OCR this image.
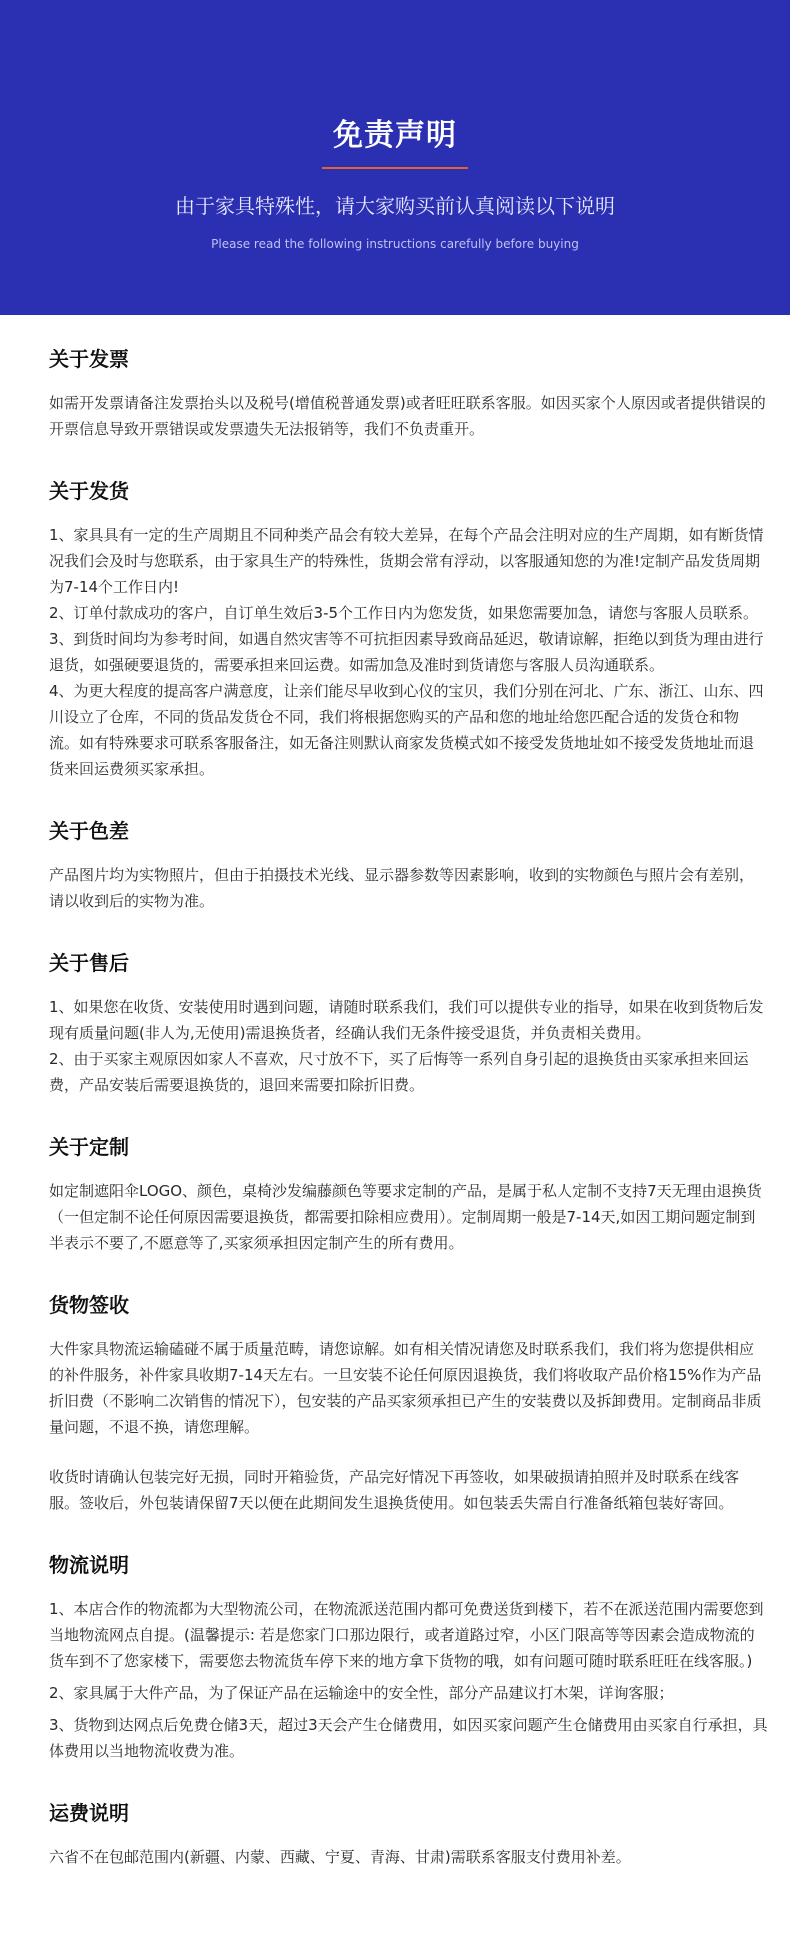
免责声明
由于家具特殊性，请大家购买前认真阅读以下说明
Please read the following instructions carefully before buying
关于发票

如需开发票请备注发票抬头以及税号(增值税普通发票)或者旺旺联系客服。如因买家个人原因或者提供错误的开票信息导致开票错误或发票遗失无法报销等，我们不负责重开。

关于发货

1、家具具有一定的生产周期且不同种类产品会有较大差异，在每个产品会注明对应的生产周期，如有断货情况我们会及时与您联系，由于家具生产的特殊性，货期会常有浮动，以客服通知您的为准!定制产品发货周期为7-14个工作日内!

2、订单付款成功的客户，自订单生效后3-5个工作日内为您发货，如果您需要加急，请您与客服人员联系。

3、到货时间均为参考时间，如遇自然灾害等不可抗拒因素导致商品延迟，敬请谅解，拒绝以到货为理由进行退货，如强硬要退货的，需要承担来回运费。如需加急及准时到货请您与客服人员沟通联系。

4、为更大程度的提高客户满意度，让亲们能尽早收到心仪的宝贝，我们分别在河北、广东、浙江、山东、四川设立了仓库，不同的货品发货仓不同，我们将根据您购买的产品和您的地址给您匹配合适的发货仓和物流。如有特殊要求可联系客服备注，如无备注则默认商家发货模式如不接受发货地址如不接受发货地址而退货来回运费须买家承担。

关于色差

产品图片均为实物照片，但由于拍摄技术光线、显示器参数等因素影响，收到的实物颜色与照片会有差别，请以收到后的实物为准。

关于售后

1、如果您在收货、安装使用时遇到问题，请随时联系我们，我们可以提供专业的指导，如果在收到货物后发现有质量问题(非人为,无使用)需退换货者，经确认我们无条件接受退货，并负责相关费用。

2、由于买家主观原因如家人不喜欢，尺寸放不下，买了后悔等一系列自身引起的退换货由买家承担来回运费，产品安装后需要退换货的，退回来需要扣除折旧费。

关于定制

如定制遮阳伞LOGO、颜色，桌椅沙发编藤颜色等要求定制的产品，是属于私人定制不支持7天无理由退换货（一但定制不论任何原因需要退换货，都需要扣除相应费用）。定制周期一般是7-14天,如因工期问题定制到半表示不要了,不愿意等了,买家须承担因定制产生的所有费用。

货物签收

大件家具物流运输磕碰不属于质量范畴，请您谅解。如有相关情况请您及时联系我们，我们将为您提供相应的补件服务，补件家具收期7-14天左右。一旦安装不论任何原因退换货，我们将收取产品价格15%作为产品折旧费（不影响二次销售的情况下），包安装的产品买家须承担已产生的安装费以及拆卸费用。定制商品非质量问题，不退不换，请您理解。

收货时请确认包装完好无损，同时开箱验货，产品完好情况下再签收，如果破损请拍照并及时联系在线客服。签收后，外包装请保留7天以便在此期间发生退换货使用。如包装丢失需自行准备纸箱包装好寄回。

物流说明

1、本店合作的物流都为大型物流公司，在物流派送范围内都可免费送货到楼下，若不在派送范围内需要您到当地物流网点自提。(温馨提示: 若是您家门口那边限行，或者道路过窄，小区门限高等等因素会造成物流的货车到不了您家楼下，需要您去物流货车停下来的地方拿下货物的哦，如有问题可随时联系旺旺在线客服。)

2、家具属于大件产品，为了保证产品在运输途中的安全性，部分产品建议打木架，详询客服；

3、货物到达网点后免费仓储3天，超过3天会产生仓储费用，如因买家问题产生仓储费用由买家自行承担，具体费用以当地物流收费为准。

运费说明

六省不在包邮范围内(新疆、内蒙、西藏、宁夏、青海、甘肃)需联系客服支付费用补差。
